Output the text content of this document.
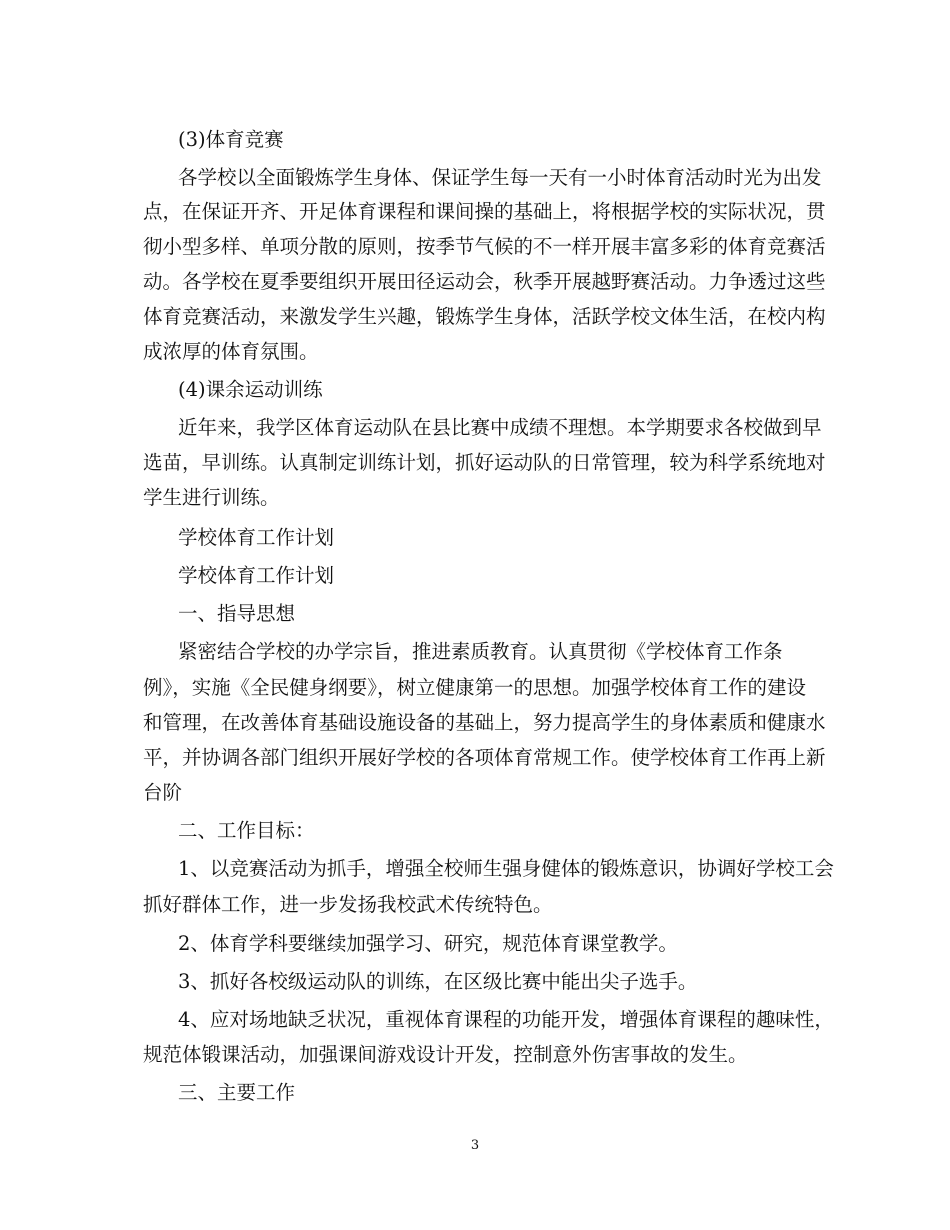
(3)体育竞赛
各学校以全面锻炼学生身体、保证学生每一天有一小时体育活动时光为出发
点，在保证开齐、开足体育课程和课间操的基础上，将根据学校的实际状况，贯
彻小型多样、单项分散的原则，按季节气候的不一样开展丰富多彩的体育竞赛活
动。各学校在夏季要组织开展田径运动会，秋季开展越野赛活动。力争透过这些
体育竞赛活动，来激发学生兴趣，锻炼学生身体，活跃学校文体生活，在校内构
成浓厚的体育氛围。
(4)课余运动训练
近年来，我学区体育运动队在县比赛中成绩不理想。本学期要求各校做到早
选苗，早训练。认真制定训练计划，抓好运动队的日常管理，较为科学系统地对
学生进行训练。
学校体育工作计划
学校体育工作计划
一、指导思想
紧密结合学校的办学宗旨，推进素质教育。认真贯彻《学校体育工作条
例》，实施《全民健身纲要》，树立健康第一的思想。加强学校体育工作的建设
和管理，在改善体育基础设施设备的基础上，努力提高学生的身体素质和健康水
平，并协调各部门组织开展好学校的各项体育常规工作。使学校体育工作再上新
台阶
二、工作目标：
1、以竞赛活动为抓手，增强全校师生强身健体的锻炼意识，协调好学校工会
抓好群体工作，进一步发扬我校武术传统特色。
2、体育学科要继续加强学习、研究，规范体育课堂教学。
3、抓好各校级运动队的训练，在区级比赛中能出尖子选手。
4、应对场地缺乏状况，重视体育课程的功能开发，增强体育课程的趣味性，
规范体锻课活动，加强课间游戏设计开发，控制意外伤害事故的发生。
三、主要工作
3
